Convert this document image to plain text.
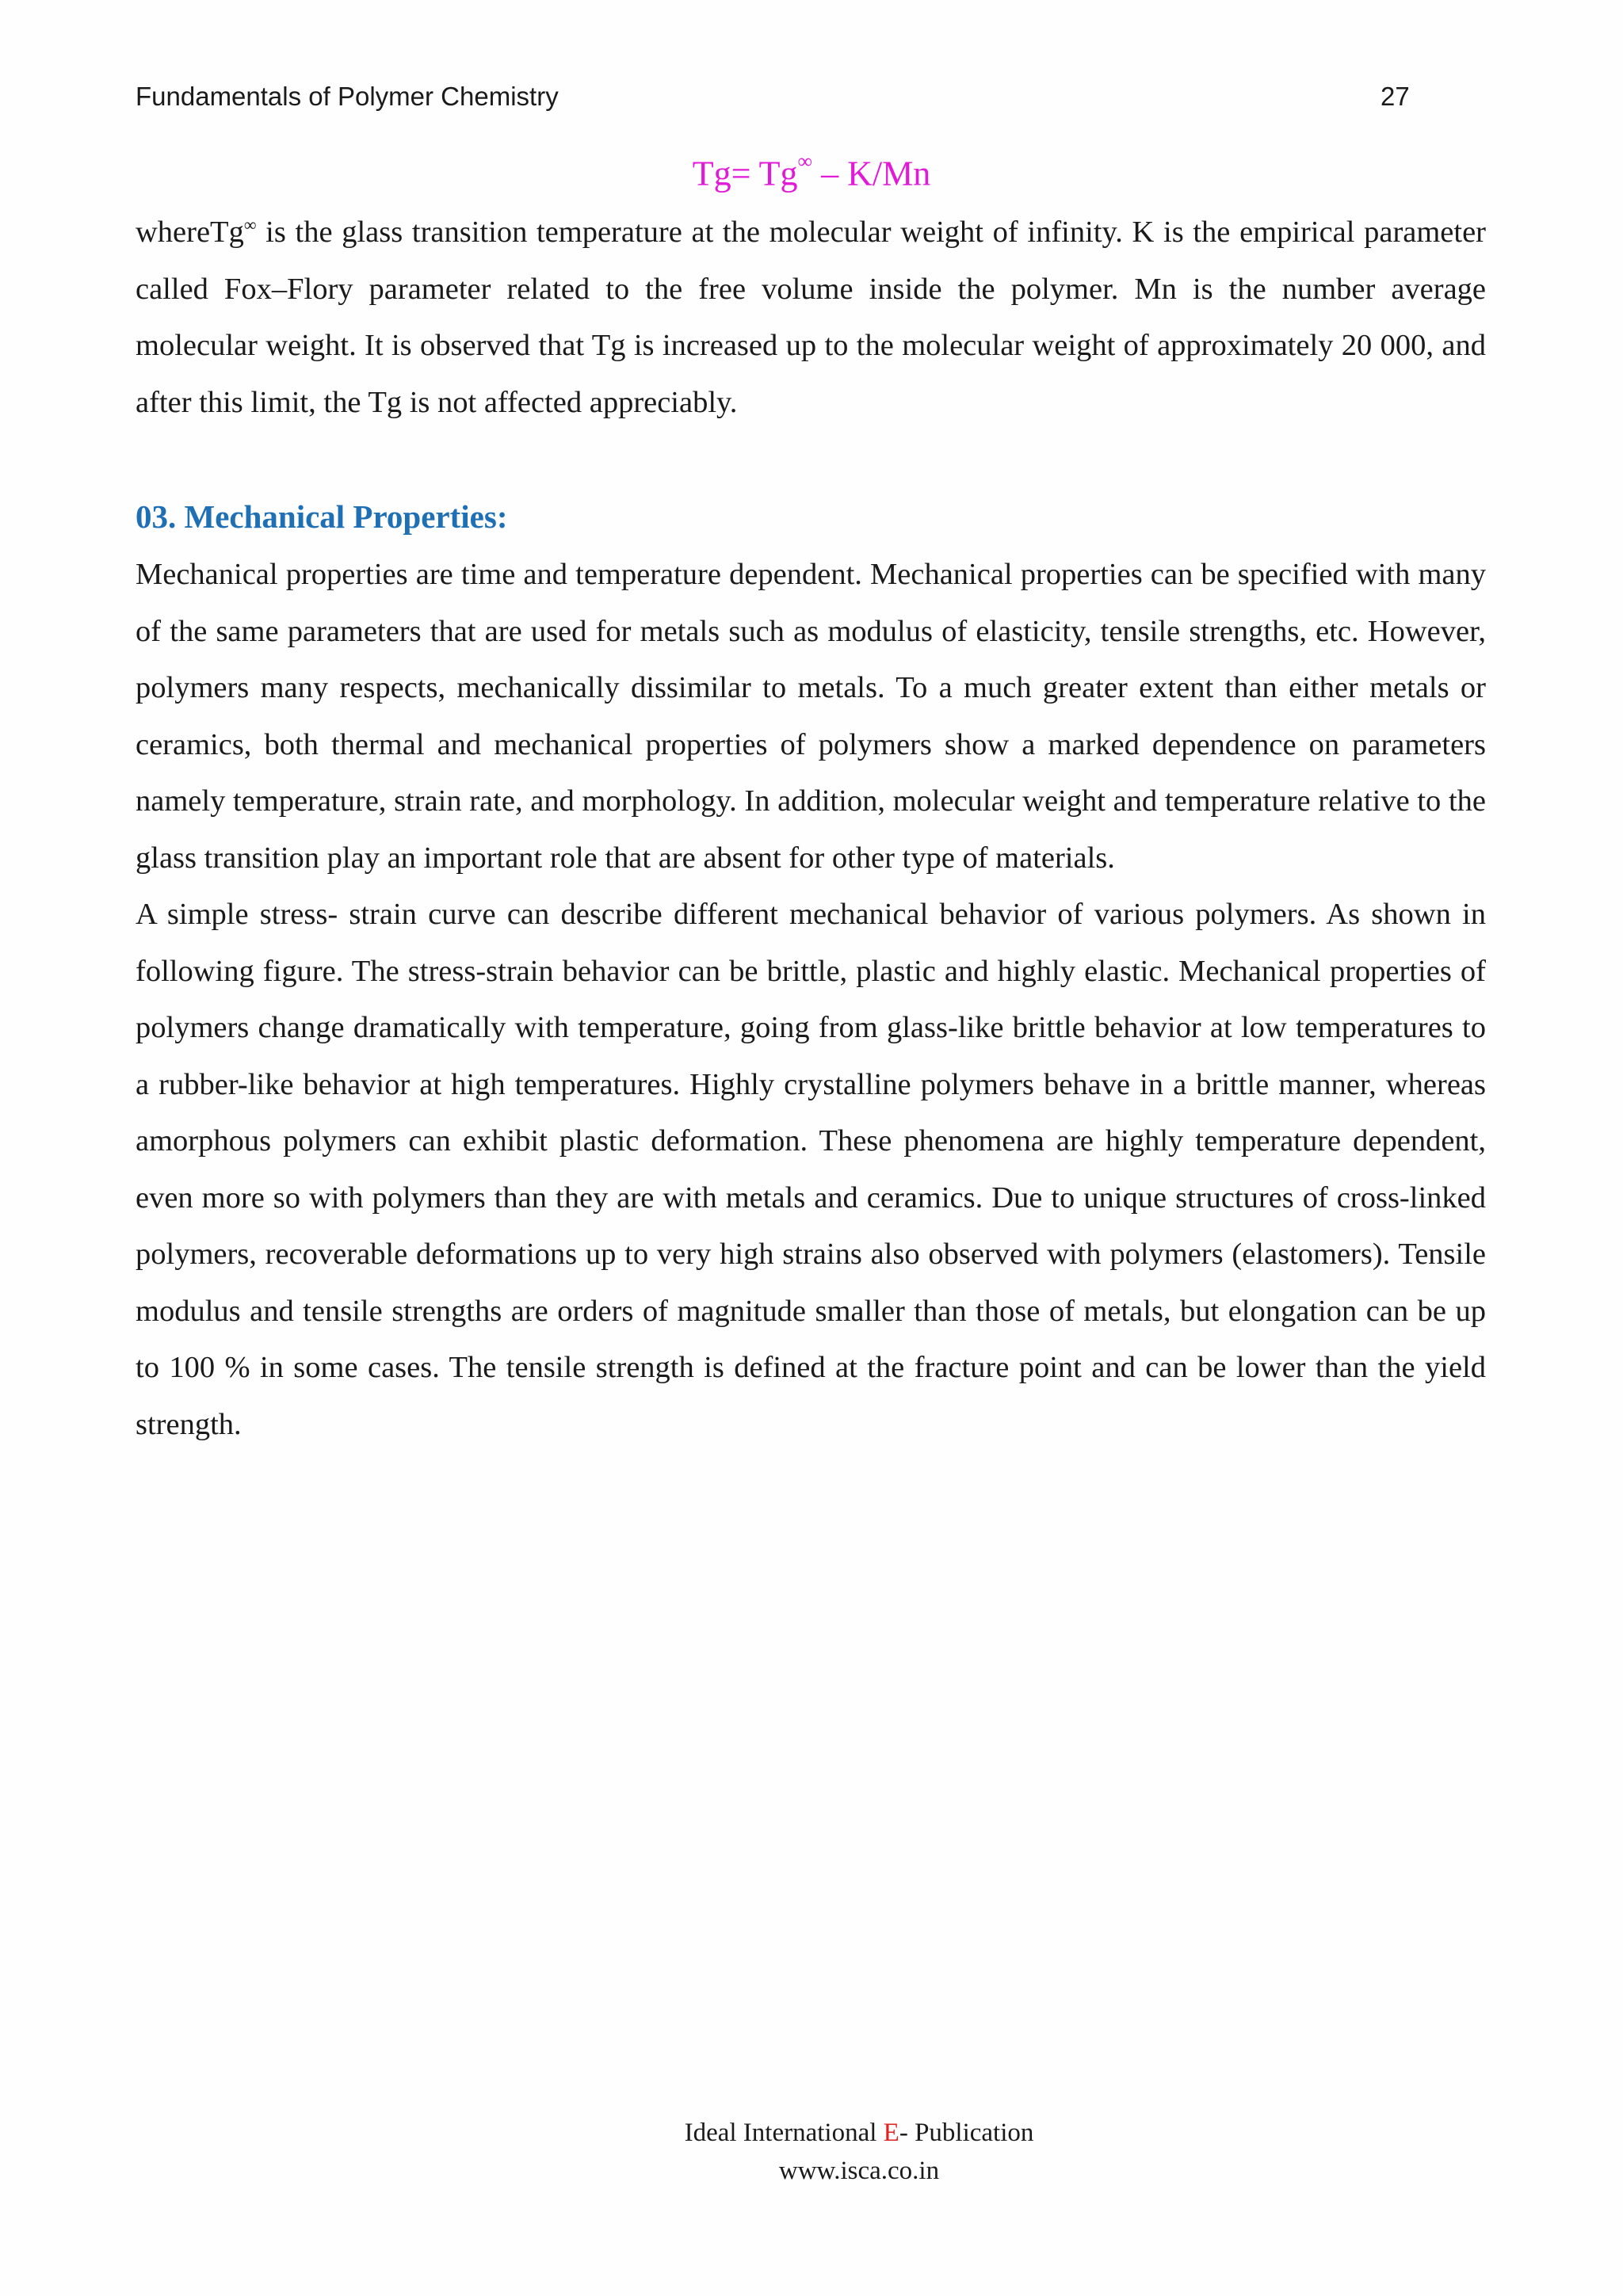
Fundamentals of Polymer Chemistry	27
Tg= Tg∞ – K/Mn

whereTg∞ is the glass transition temperature at the molecular weight of infinity. K is the empirical parameter called Fox–Flory parameter related to the free volume inside the polymer. Mn is the number average molecular weight. It is observed that Tg is increased up to the molecular weight of approximately 20 000, and after this limit, the Tg is not affected appreciably.

03. Mechanical Properties:

Mechanical properties are time and temperature dependent. Mechanical properties can be specified with many of the same parameters that are used for metals such as modulus of elasticity, tensile strengths, etc. However, polymers many respects, mechanically dissimilar to metals. To a much greater extent than either metals or ceramics, both thermal and mechanical properties of polymers show a marked dependence on parameters namely temperature, strain rate, and morphology. In addition, molecular weight and temperature relative to the glass transition play an important role that are absent for other type of materials.

A simple stress- strain curve can describe different mechanical behavior of various polymers. As shown in following figure. The stress-strain behavior can be brittle, plastic and highly elastic. Mechanical properties of polymers change dramatically with temperature, going from glass-like brittle behavior at low temperatures to a rubber-like behavior at high temperatures. Highly crystalline polymers behave in a brittle manner, whereas amorphous polymers can exhibit plastic deformation. These phenomena are highly temperature dependent, even more so with polymers than they are with metals and ceramics. Due to unique structures of cross-linked polymers, recoverable deformations up to very high strains also observed with polymers (elastomers). Tensile modulus and tensile strengths are orders of magnitude smaller than those of metals, but elongation can be up to 100 % in some cases. The tensile strength is defined at the fracture point and can be lower than the yield strength.

Ideal International E- Publication
www.isca.co.in
